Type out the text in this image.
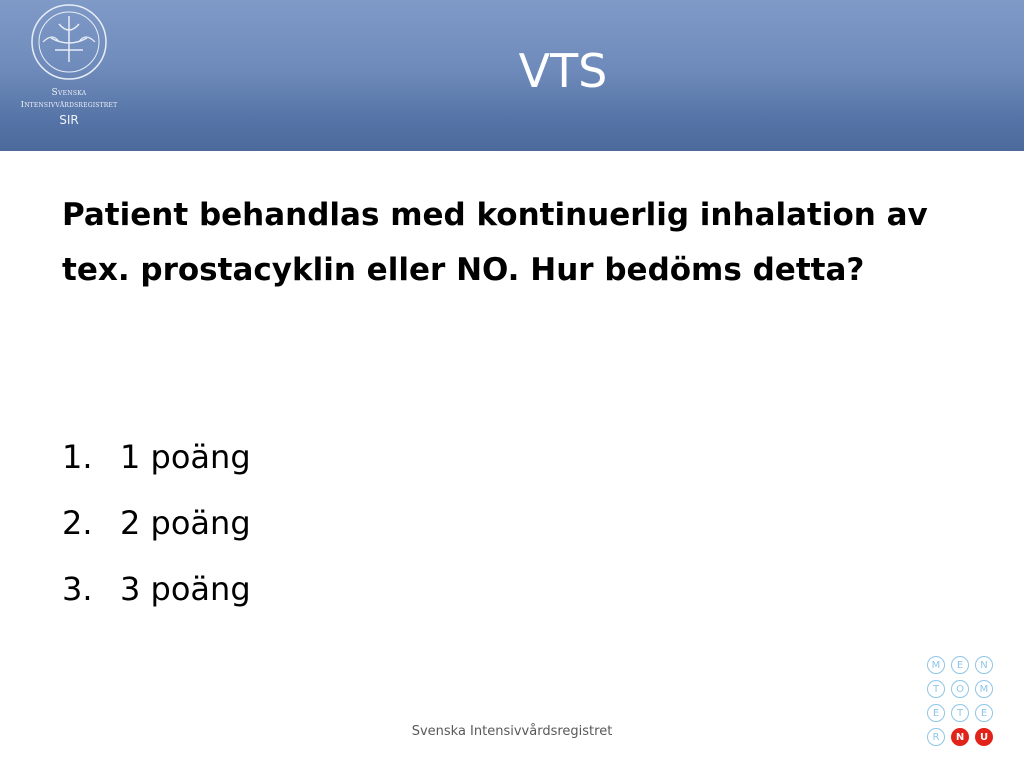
Svenska
Intensivvårdsregistret
SIR
VTS

Patient behandlas med kontinuerlig inhalation av tex. prostacyklin eller NO. Hur bedöms detta?

1. 1 poäng
2. 2 poäng
3. 3 poäng
Svenska Intensivvårdsregistret
M	E	N
T	O	M
E	T	E
R	N	U
